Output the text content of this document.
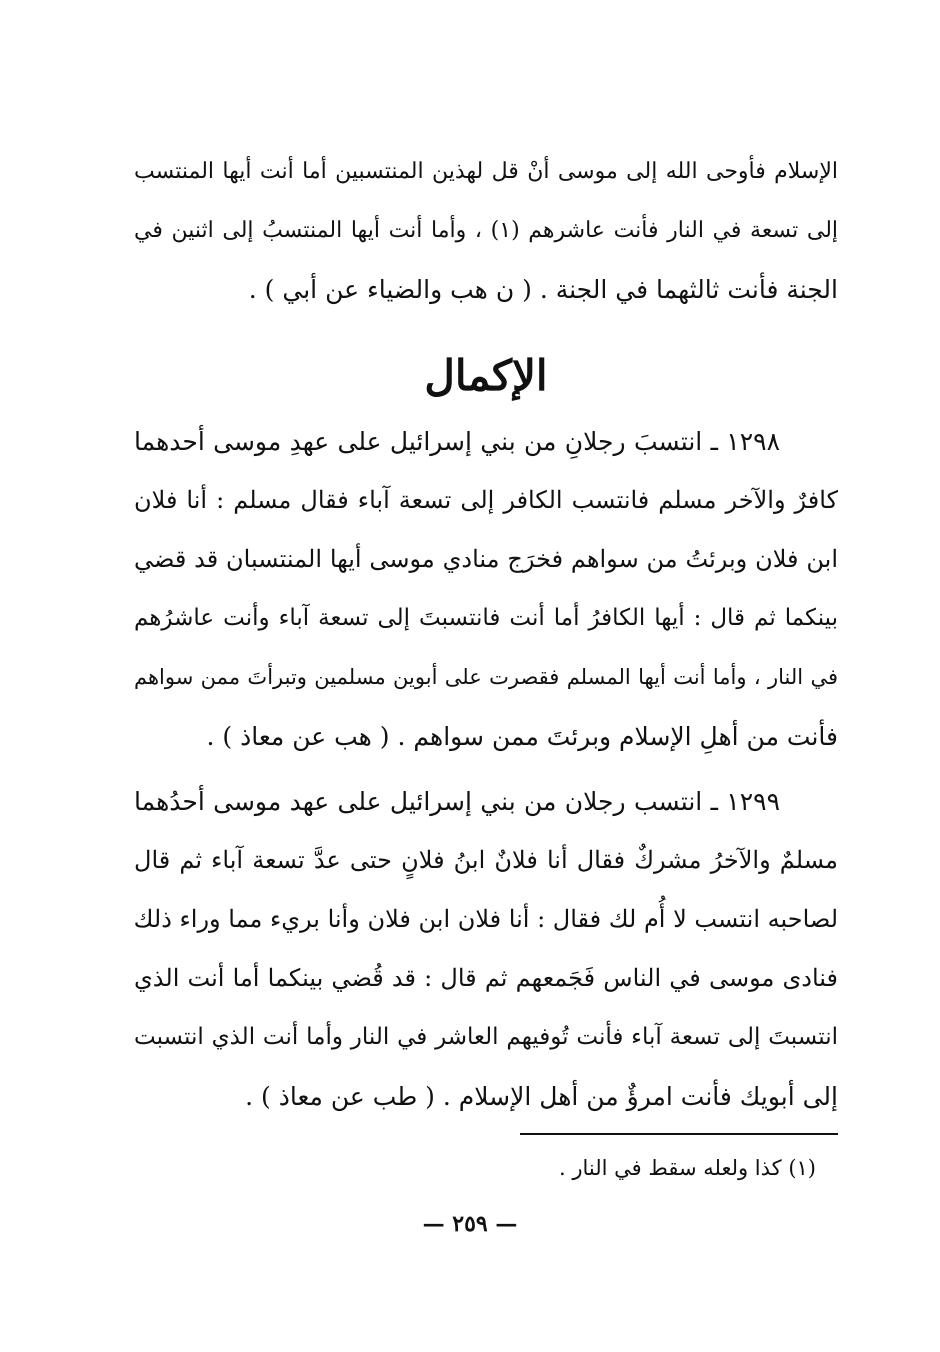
الإسلام فأوحى الله إلى موسى أنْ قل لهذين المنتسبين أما أنت أيها المنتسب
إلى تسعة في النار فأنت عاشرهم (١) ، وأما أنت أيها المنتسبُ إلى اثنين في
الجنة فأنت ثالثهما في الجنة . ( ن هب والضياء عن أبي ) .
الإكمال
١٢٩٨ ـ انتسبَ رجلانِ من بني إسرائيل على عهدِ موسى أحدهما
كافرٌ والآخر مسلم فانتسب الكافر إلى تسعة آباء فقال مسلم : أنا فلان
ابن فلان وبرئتُ من سواهم فخرَج منادي موسى أيها المنتسبان قد قضي
بينكما ثم قال : أيها الكافرُ أما أنت فانتسبتَ إلى تسعة آباء وأنت عاشرُهم
في النار ، وأما أنت أيها المسلم فقصرت على أبوين مسلمين وتبرأتَ ممن سواهم
فأنت من أهلِ الإسلام وبرئتَ ممن سواهم . ( هب عن معاذ ) .
١٢٩٩ ـ انتسب رجلان من بني إسرائيل على عهد موسى أحدُهما
مسلمٌ والآخرُ مشركٌ فقال أنا فلانٌ ابنُ فلانٍ حتى عدَّ تسعة آباء ثم قال
لصاحبه انتسب لا أُم لك فقال : أنا فلان ابن فلان وأنا بريء مما وراء ذلك
فنادى موسى في الناس فَجَمعهم ثم قال : قد قُضي بينكما أما أنت الذي
انتسبتَ إلى تسعة آباء فأنت تُوفيهم العاشر في النار وأما أنت الذي انتسبت
إلى أبويك فأنت امرؤٌ من أهل الإسلام . ( طب عن معاذ ) .
(١) كذا ولعله سقط في النار .
— ٢٥٩ —
